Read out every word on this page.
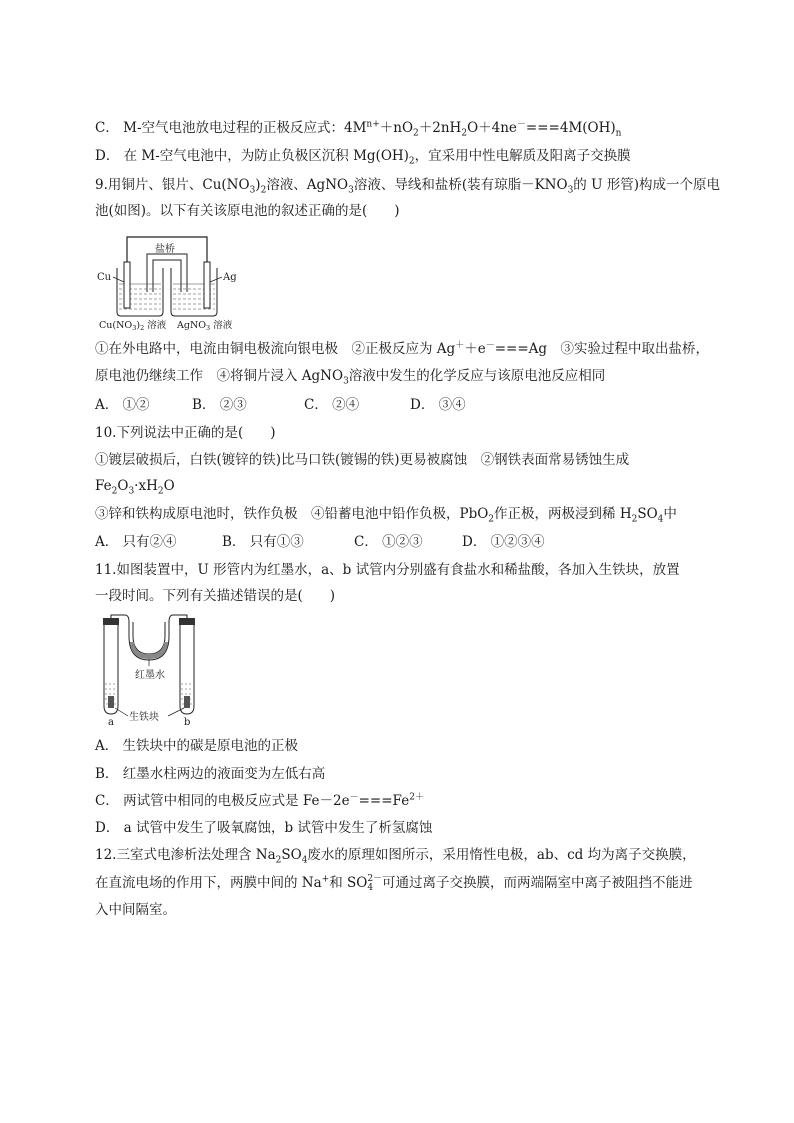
C． M-空气电池放电过程的正极反应式：$4M^{n+}+nO_2+2nH_2O+4ne^-===4M(OH)_n$
D． 在 M-空气电池中，为防止负极区沉积 $Mg(OH)_2$，宜采用中性电解质及阳离子交换膜
9.用铜片、银片、$Cu(NO_3)_2$溶液、AgNO$_3$溶液、导线和盐桥(装有琼脂$-KNO_3$的 U 形管)构成一个原电
池(如图)。以下有关该原电池的叙述正确的是(　　)
盐桥
Cu	Ag
$Cu(NO_3)_2$ 溶液 AgNO$_3$ 溶液
①在外电路中，电流由铜电极流向银电极　②正极反应为 Ag＋＋e－===Ag　③实验过程中取出盐桥，
原电池仍继续工作　④将铜片浸入 AgNO$_3$溶液中发生的化学反应与该原电池反应相同
A． ①②	B． ②③	C． ②④	D． ③④
10.下列说法中正确的是(　　)
①镀层破损后，白铁(镀锌的铁)比马口铁(镀锡的铁)更易被腐蚀　②钢铁表面常易锈蚀生成
$Fe_2O_3\cdot xH_2O$
③锌和铁构成原电池时，铁作负极　④铅蓄电池中铅作负极，PbO$_2$作正极，两极浸到稀 $H_2SO_4$中
A． 只有②④	B． 只有①③	C． ①②③	D． ①②③④
11.如图装置中，U 形管内为红墨水，a、b 试管内分别盛有食盐水和稀盐酸，各加入生铁块，放置
一段时间。下列有关描述错误的是(　　)
红墨水
生铁块
a	b
A． 生铁块中的碳是原电池的正极
B． 红墨水柱两边的液面变为左低右高
C． 两试管中相同的电极反应式是 $Fe-2e^-===Fe^{2+}$
D． a 试管中发生了吸氧腐蚀，b 试管中发生了析氢腐蚀
12.三室式电渗析法处理含 $Na_2SO_4$废水的原理如图所示，采用惰性电极，ab、cd 均为离子交换膜，
在直流电场的作用下，两膜中间的 Na+和 SO 2－
4 可通过离子交换膜，而两端隔室中离子被阻挡不能进
入中间隔室。
